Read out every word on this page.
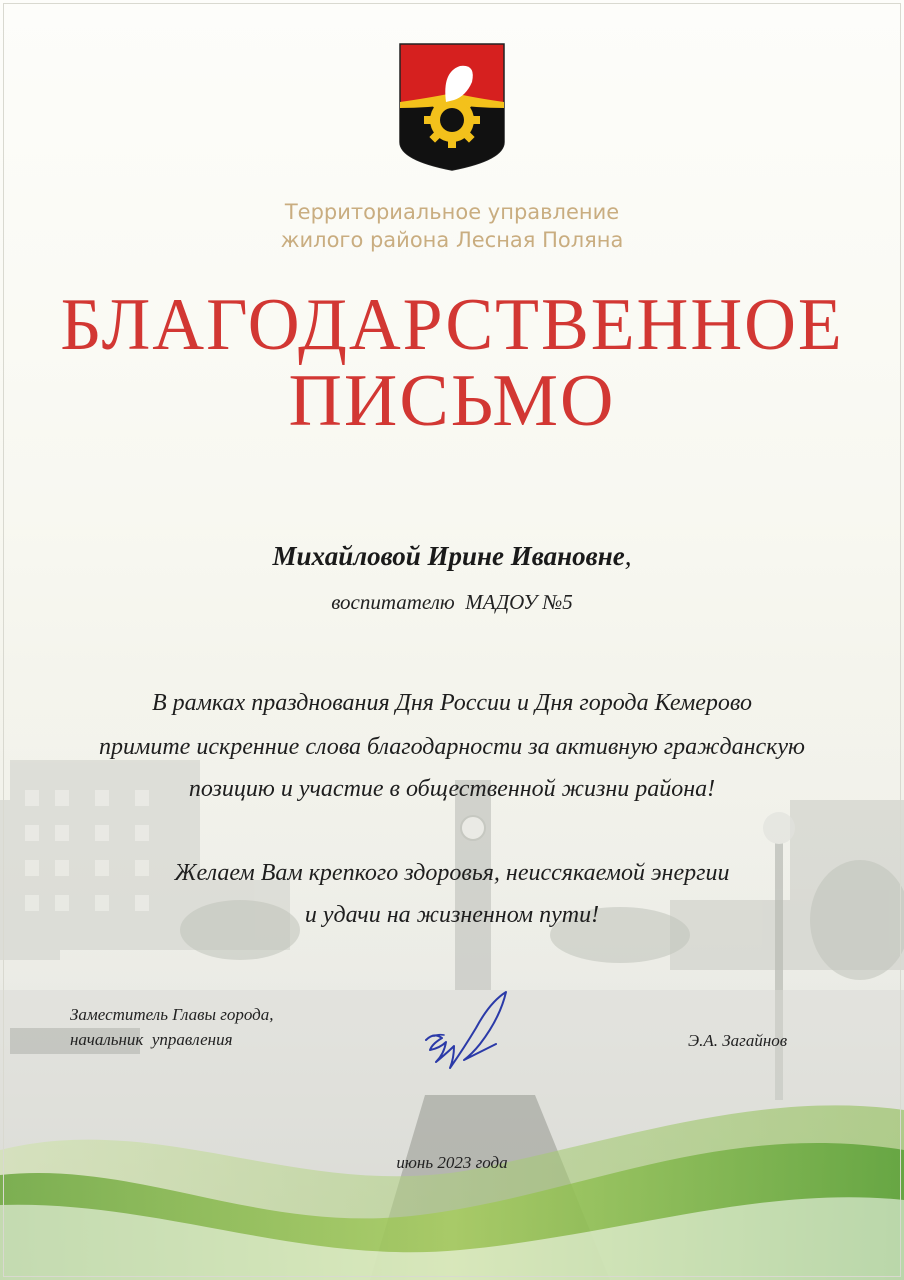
Территориальное управление
жилого района Лесная Поляна
БЛАГОДАРСТВЕННОЕ
ПИСЬМО
Михайловой Ирине Ивановне,
воспитателю  МАДОУ №5
В рамках празднования Дня России и Дня города Кемерово
примите искренние слова благодарности за активную гражданскую
позицию и участие в общественной жизни района!
Желаем Вам крепкого здоровья, неиссякаемой энергии
и удачи на жизненном пути!
Заместитель Главы города,
начальник  управления	Э.А. Загайнов
июнь 2023 года
